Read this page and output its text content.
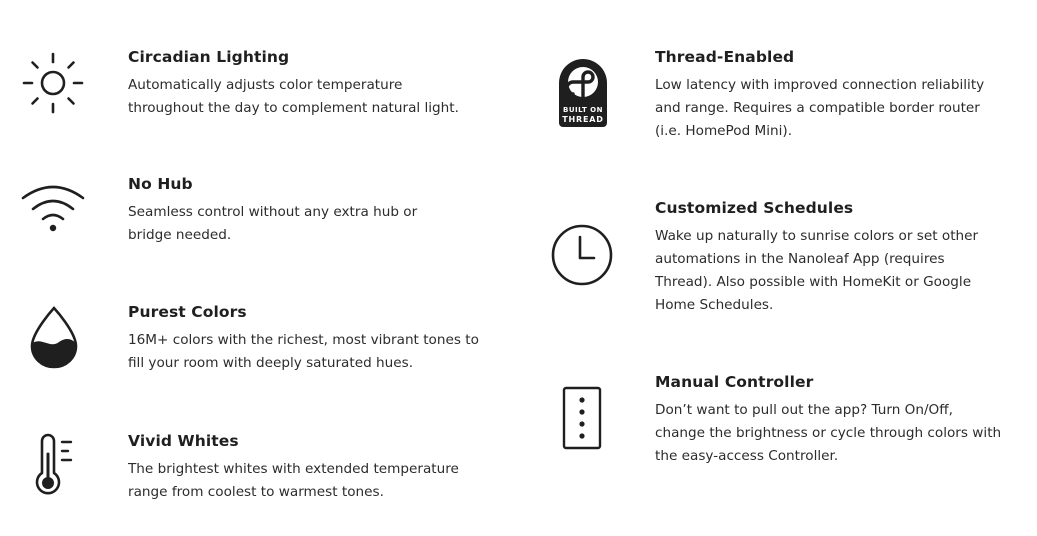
Circadian Lighting
Automatically adjusts color temperature
throughout the day to complement natural light.
No Hub
Seamless control without any extra hub or
bridge needed.
Purest Colors
16M+ colors with the richest, most vibrant tones to
fill your room with deeply saturated hues.
Vivid Whites
The brightest whites with extended temperature
range from coolest to warmest tones.
BUILT ON
THREAD
Thread-Enabled
Low latency with improved connection reliability
and range. Requires a compatible border router
(i.e. HomePod Mini).
Customized Schedules
Wake up naturally to sunrise colors or set other
automations in the Nanoleaf App (requires
Thread). Also possible with HomeKit or Google
Home Schedules.
Manual Controller
Don’t want to pull out the app? Turn On/Off,
change the brightness or cycle through colors with
the easy-access Controller.
